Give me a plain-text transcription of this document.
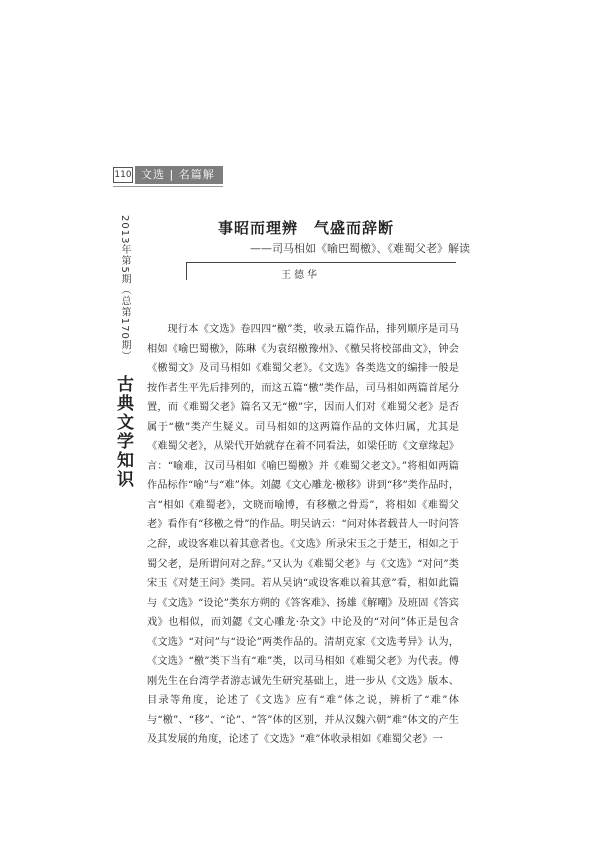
110 文选 | 名篇解读
2013年第5期（总第170期）
古典文学知识
事昭而理辨　气盛而辞断
——司马相如《喻巴蜀檄》、《难蜀父老》解读
王德华

现行本《文选》卷四四“檄”类，收录五篇作品，排列顺序是司马相如《喻巴蜀檄》，陈琳《为袁绍檄豫州》、《檄吴将校部曲文》，钟会《檄蜀文》及司马相如《难蜀父老》。《文选》各类选文的编排一般是按作者生平先后排列的，而这五篇“檄”类作品，司马相如两篇首尾分置，而《难蜀父老》篇名又无“檄”字，因而人们对《难蜀父老》是否属于“檄”类产生疑义。司马相如的这两篇作品的文体归属，尤其是《难蜀父老》，从梁代开始就存在着不同看法，如梁任昉《文章缘起》言：“喻难，汉司马相如《喻巴蜀檄》并《难蜀父老文》。”将相如两篇作品标作“喻”与“难”体。刘勰《文心雕龙·檄移》讲到“移”类作品时，言“相如《难蜀老》，文晓而喻博，有移檄之骨焉”，将相如《难蜀父老》看作有“移檄之骨”的作品。明吴讷云：“问对体者载昔人一时问答之辞，或设客难以着其意者也。《文选》所录宋玉之于楚王，相如之于蜀父老，是所谓问对之辞。”又认为《难蜀父老》与《文选》“对问”类宋玉《对楚王问》类同。若从吴讷“或设客难以着其意”看，相如此篇与《文选》“设论”类东方朔的《答客难》、扬雄《解嘲》及班固《答宾戏》也相似，而刘勰《文心雕龙·杂文》中论及的“对问”体正是包含《文选》“对问”与“设论”两类作品的。清胡克家《文选考异》认为，《文选》“檄”类下当有“难”类，以司马相如《难蜀父老》为代表。傅刚先生在台湾学者游志诚先生研究基础上，进一步从《文选》版本、目录等角度，论述了《文选》应有“难”体之说，辨析了“难”体与“檄”、“移”、“论”、“答”体的区别，并从汉魏六朝“难”体文的产生及其发展的角度，论述了《文选》“难”体收录相如《难蜀父老》一
